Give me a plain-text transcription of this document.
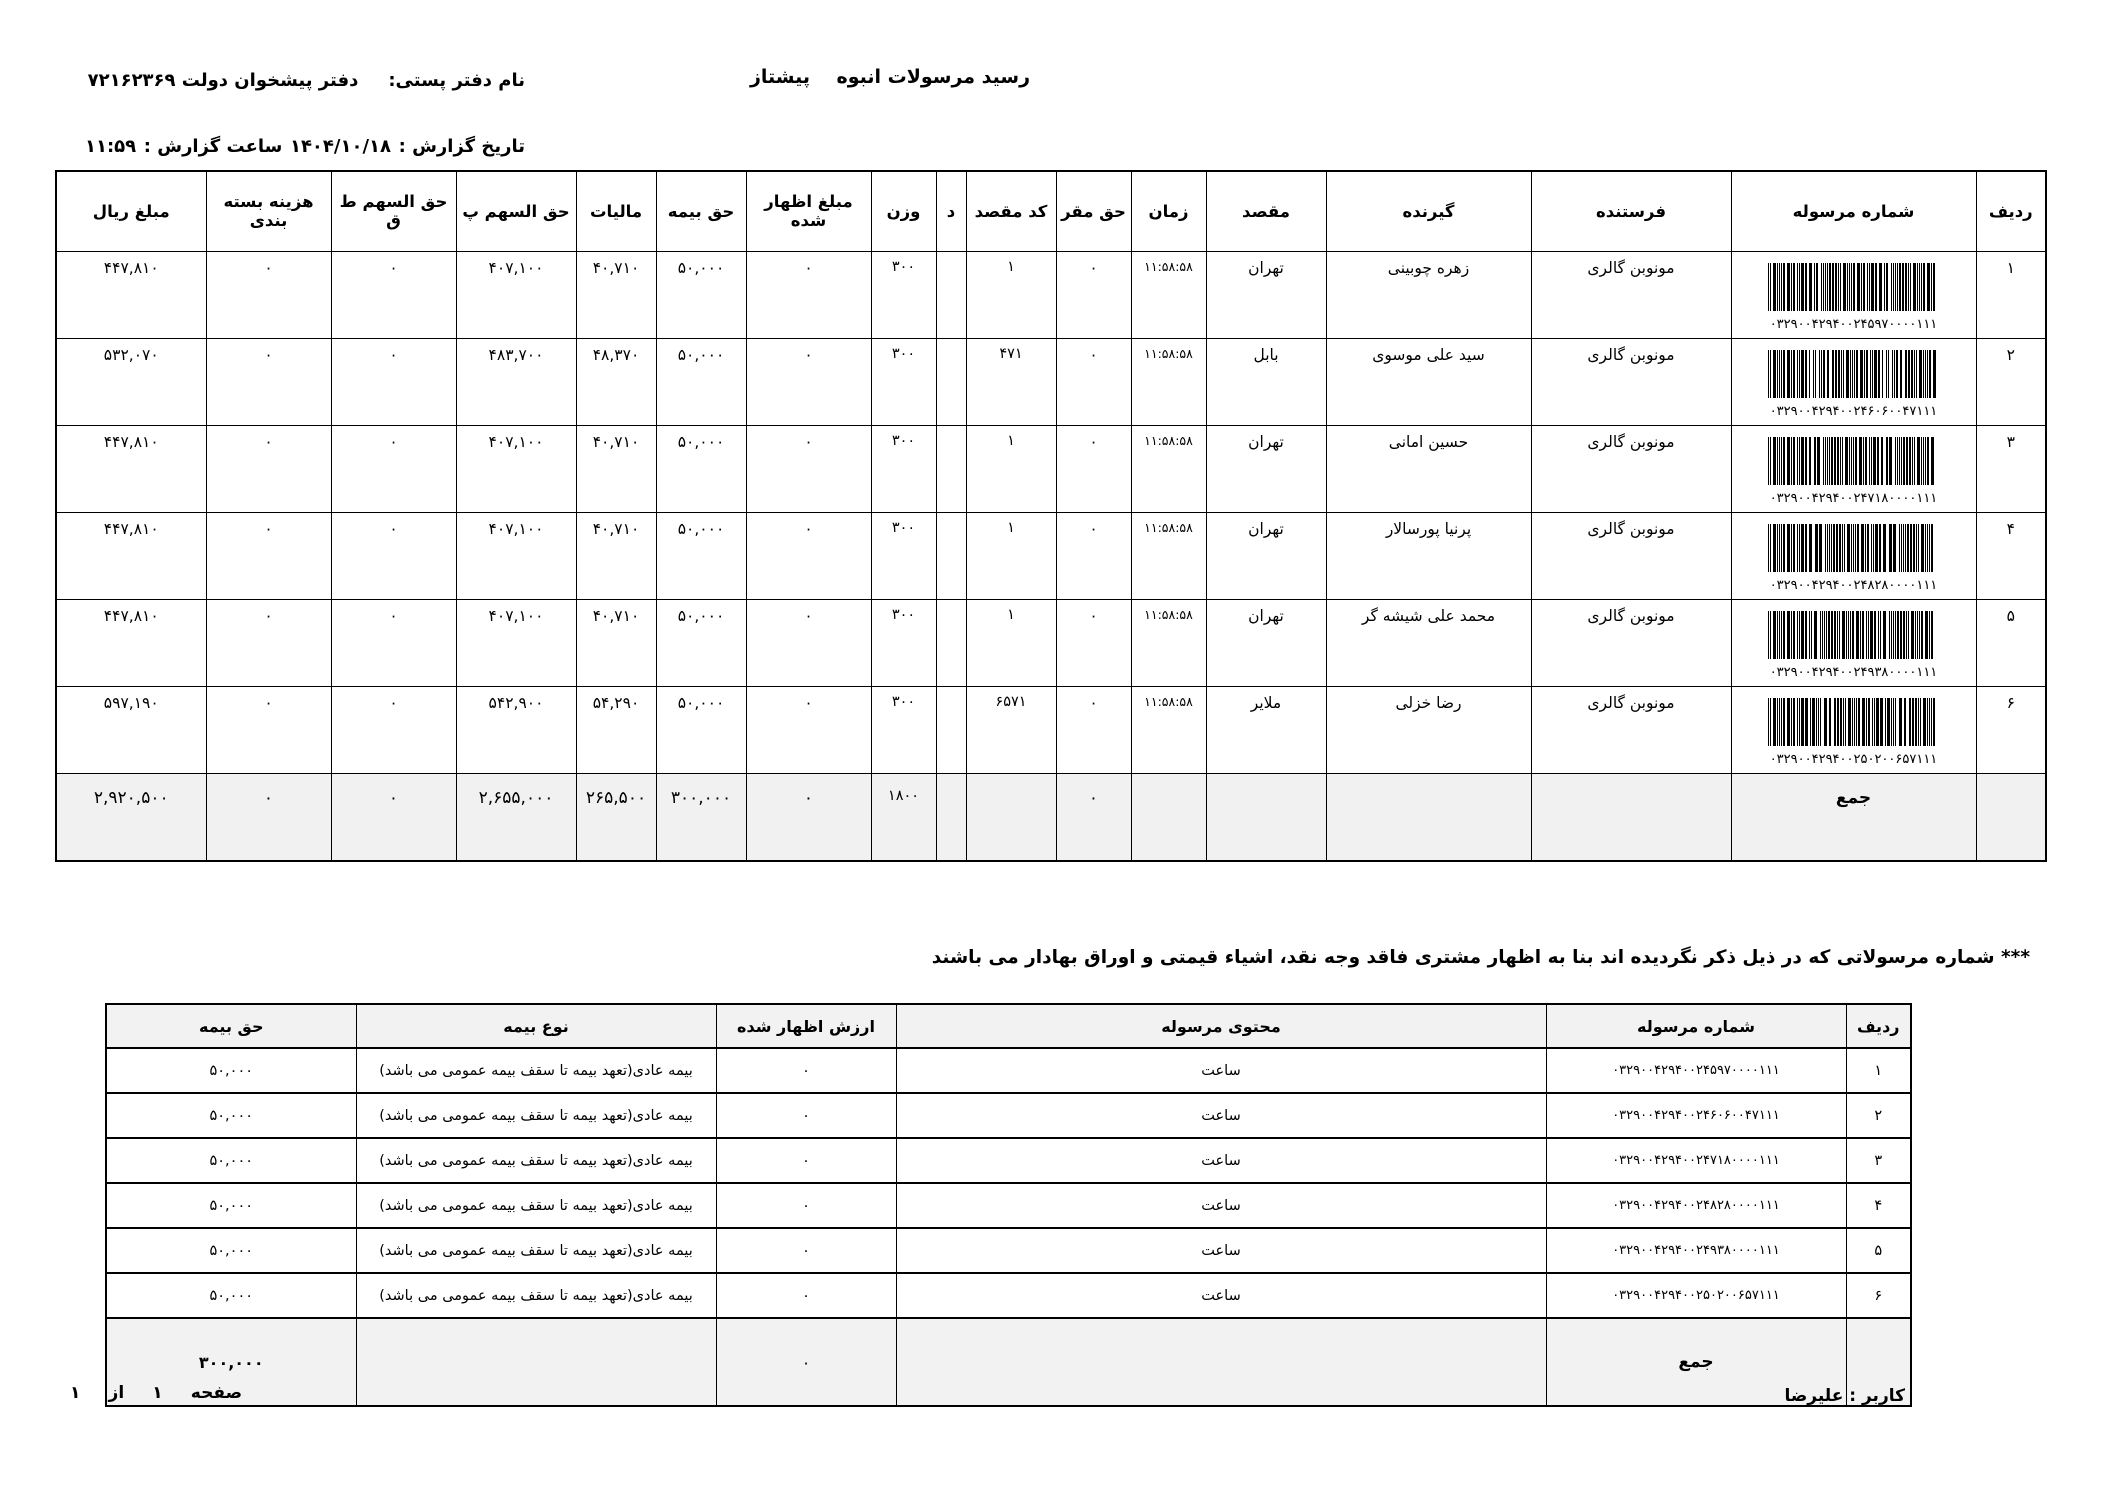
رسید مرسولات انبوه    پیشتاز
نام دفتر پستی:
دفتر پیشخوان دولت ۷۲۱۶۲۳۶۹
تاریخ گزارش :
۱۴۰۴/۱۰/۱۸
ساعت گزارش :
۱۱:۵۹
ردیف	شماره مرسوله	فرستنده	گیرنده	مقصد	زمان	حق مقر	کد مقصد	د	وزن	مبلغ اظهار شده	حق بیمه	مالیات	حق السهم پ	حق السهم ط ق	هزینه بسته بندی	مبلغ ریال
۱	۰۳۲۹۰۰۴۲۹۴۰۰۲۴۵۹۷۰۰۰۰۱۱۱	مونوبن گالری	زهره چوبینی	تهران	۱۱:۵۸:۵۸	۰	۱		۳۰۰	۰	۵۰,۰۰۰	۴۰,۷۱۰	۴۰۷,۱۰۰	۰	۰	۴۴۷,۸۱۰
۲	۰۳۲۹۰۰۴۲۹۴۰۰۲۴۶۰۶۰۰۴۷۱۱۱	مونوبن گالری	سید علی موسوی	بابل	۱۱:۵۸:۵۸	۰	۴۷۱		۳۰۰	۰	۵۰,۰۰۰	۴۸,۳۷۰	۴۸۳,۷۰۰	۰	۰	۵۳۲,۰۷۰
۳	۰۳۲۹۰۰۴۲۹۴۰۰۲۴۷۱۸۰۰۰۰۱۱۱	مونوبن گالری	حسین امانی	تهران	۱۱:۵۸:۵۸	۰	۱		۳۰۰	۰	۵۰,۰۰۰	۴۰,۷۱۰	۴۰۷,۱۰۰	۰	۰	۴۴۷,۸۱۰
۴	۰۳۲۹۰۰۴۲۹۴۰۰۲۴۸۲۸۰۰۰۰۱۱۱	مونوبن گالری	پرنیا پورسالار	تهران	۱۱:۵۸:۵۸	۰	۱		۳۰۰	۰	۵۰,۰۰۰	۴۰,۷۱۰	۴۰۷,۱۰۰	۰	۰	۴۴۷,۸۱۰
۵	۰۳۲۹۰۰۴۲۹۴۰۰۲۴۹۳۸۰۰۰۰۱۱۱	مونوبن گالری	محمد علی شیشه گر	تهران	۱۱:۵۸:۵۸	۰	۱		۳۰۰	۰	۵۰,۰۰۰	۴۰,۷۱۰	۴۰۷,۱۰۰	۰	۰	۴۴۷,۸۱۰
۶	۰۳۲۹۰۰۴۲۹۴۰۰۲۵۰۲۰۰۶۵۷۱۱۱	مونوبن گالری	رضا خزلی	ملایر	۱۱:۵۸:۵۸	۰	۶۵۷۱		۳۰۰	۰	۵۰,۰۰۰	۵۴,۲۹۰	۵۴۲,۹۰۰	۰	۰	۵۹۷,۱۹۰
	جمع					۰			۱۸۰۰	۰	۳۰۰,۰۰۰	۲۶۵,۵۰۰	۲,۶۵۵,۰۰۰	۰	۰	۲,۹۲۰,۵۰۰
*** شماره مرسولاتی که در ذیل ذکر نگردیده اند بنا به اظهار مشتری فاقد وجه نقد، اشیاء قیمتی و اوراق بهادار می باشند
ردیف	شماره مرسوله	محتوی مرسوله	ارزش اظهار شده	نوع بیمه	حق بیمه
۱	۰۳۲۹۰۰۴۲۹۴۰۰۲۴۵۹۷۰۰۰۰۱۱۱	ساعت	۰	بیمه عادی(تعهد بیمه تا سقف بیمه عمومی می باشد)	۵۰,۰۰۰
۲	۰۳۲۹۰۰۴۲۹۴۰۰۲۴۶۰۶۰۰۴۷۱۱۱	ساعت	۰	بیمه عادی(تعهد بیمه تا سقف بیمه عمومی می باشد)	۵۰,۰۰۰
۳	۰۳۲۹۰۰۴۲۹۴۰۰۲۴۷۱۸۰۰۰۰۱۱۱	ساعت	۰	بیمه عادی(تعهد بیمه تا سقف بیمه عمومی می باشد)	۵۰,۰۰۰
۴	۰۳۲۹۰۰۴۲۹۴۰۰۲۴۸۲۸۰۰۰۰۱۱۱	ساعت	۰	بیمه عادی(تعهد بیمه تا سقف بیمه عمومی می باشد)	۵۰,۰۰۰
۵	۰۳۲۹۰۰۴۲۹۴۰۰۲۴۹۳۸۰۰۰۰۱۱۱	ساعت	۰	بیمه عادی(تعهد بیمه تا سقف بیمه عمومی می باشد)	۵۰,۰۰۰
۶	۰۳۲۹۰۰۴۲۹۴۰۰۲۵۰۲۰۰۶۵۷۱۱۱	ساعت	۰	بیمه عادی(تعهد بیمه تا سقف بیمه عمومی می باشد)	۵۰,۰۰۰
	جمع		۰		۳۰۰,۰۰۰
کاربر : علیرضا
صفحه
۱
از
۱
